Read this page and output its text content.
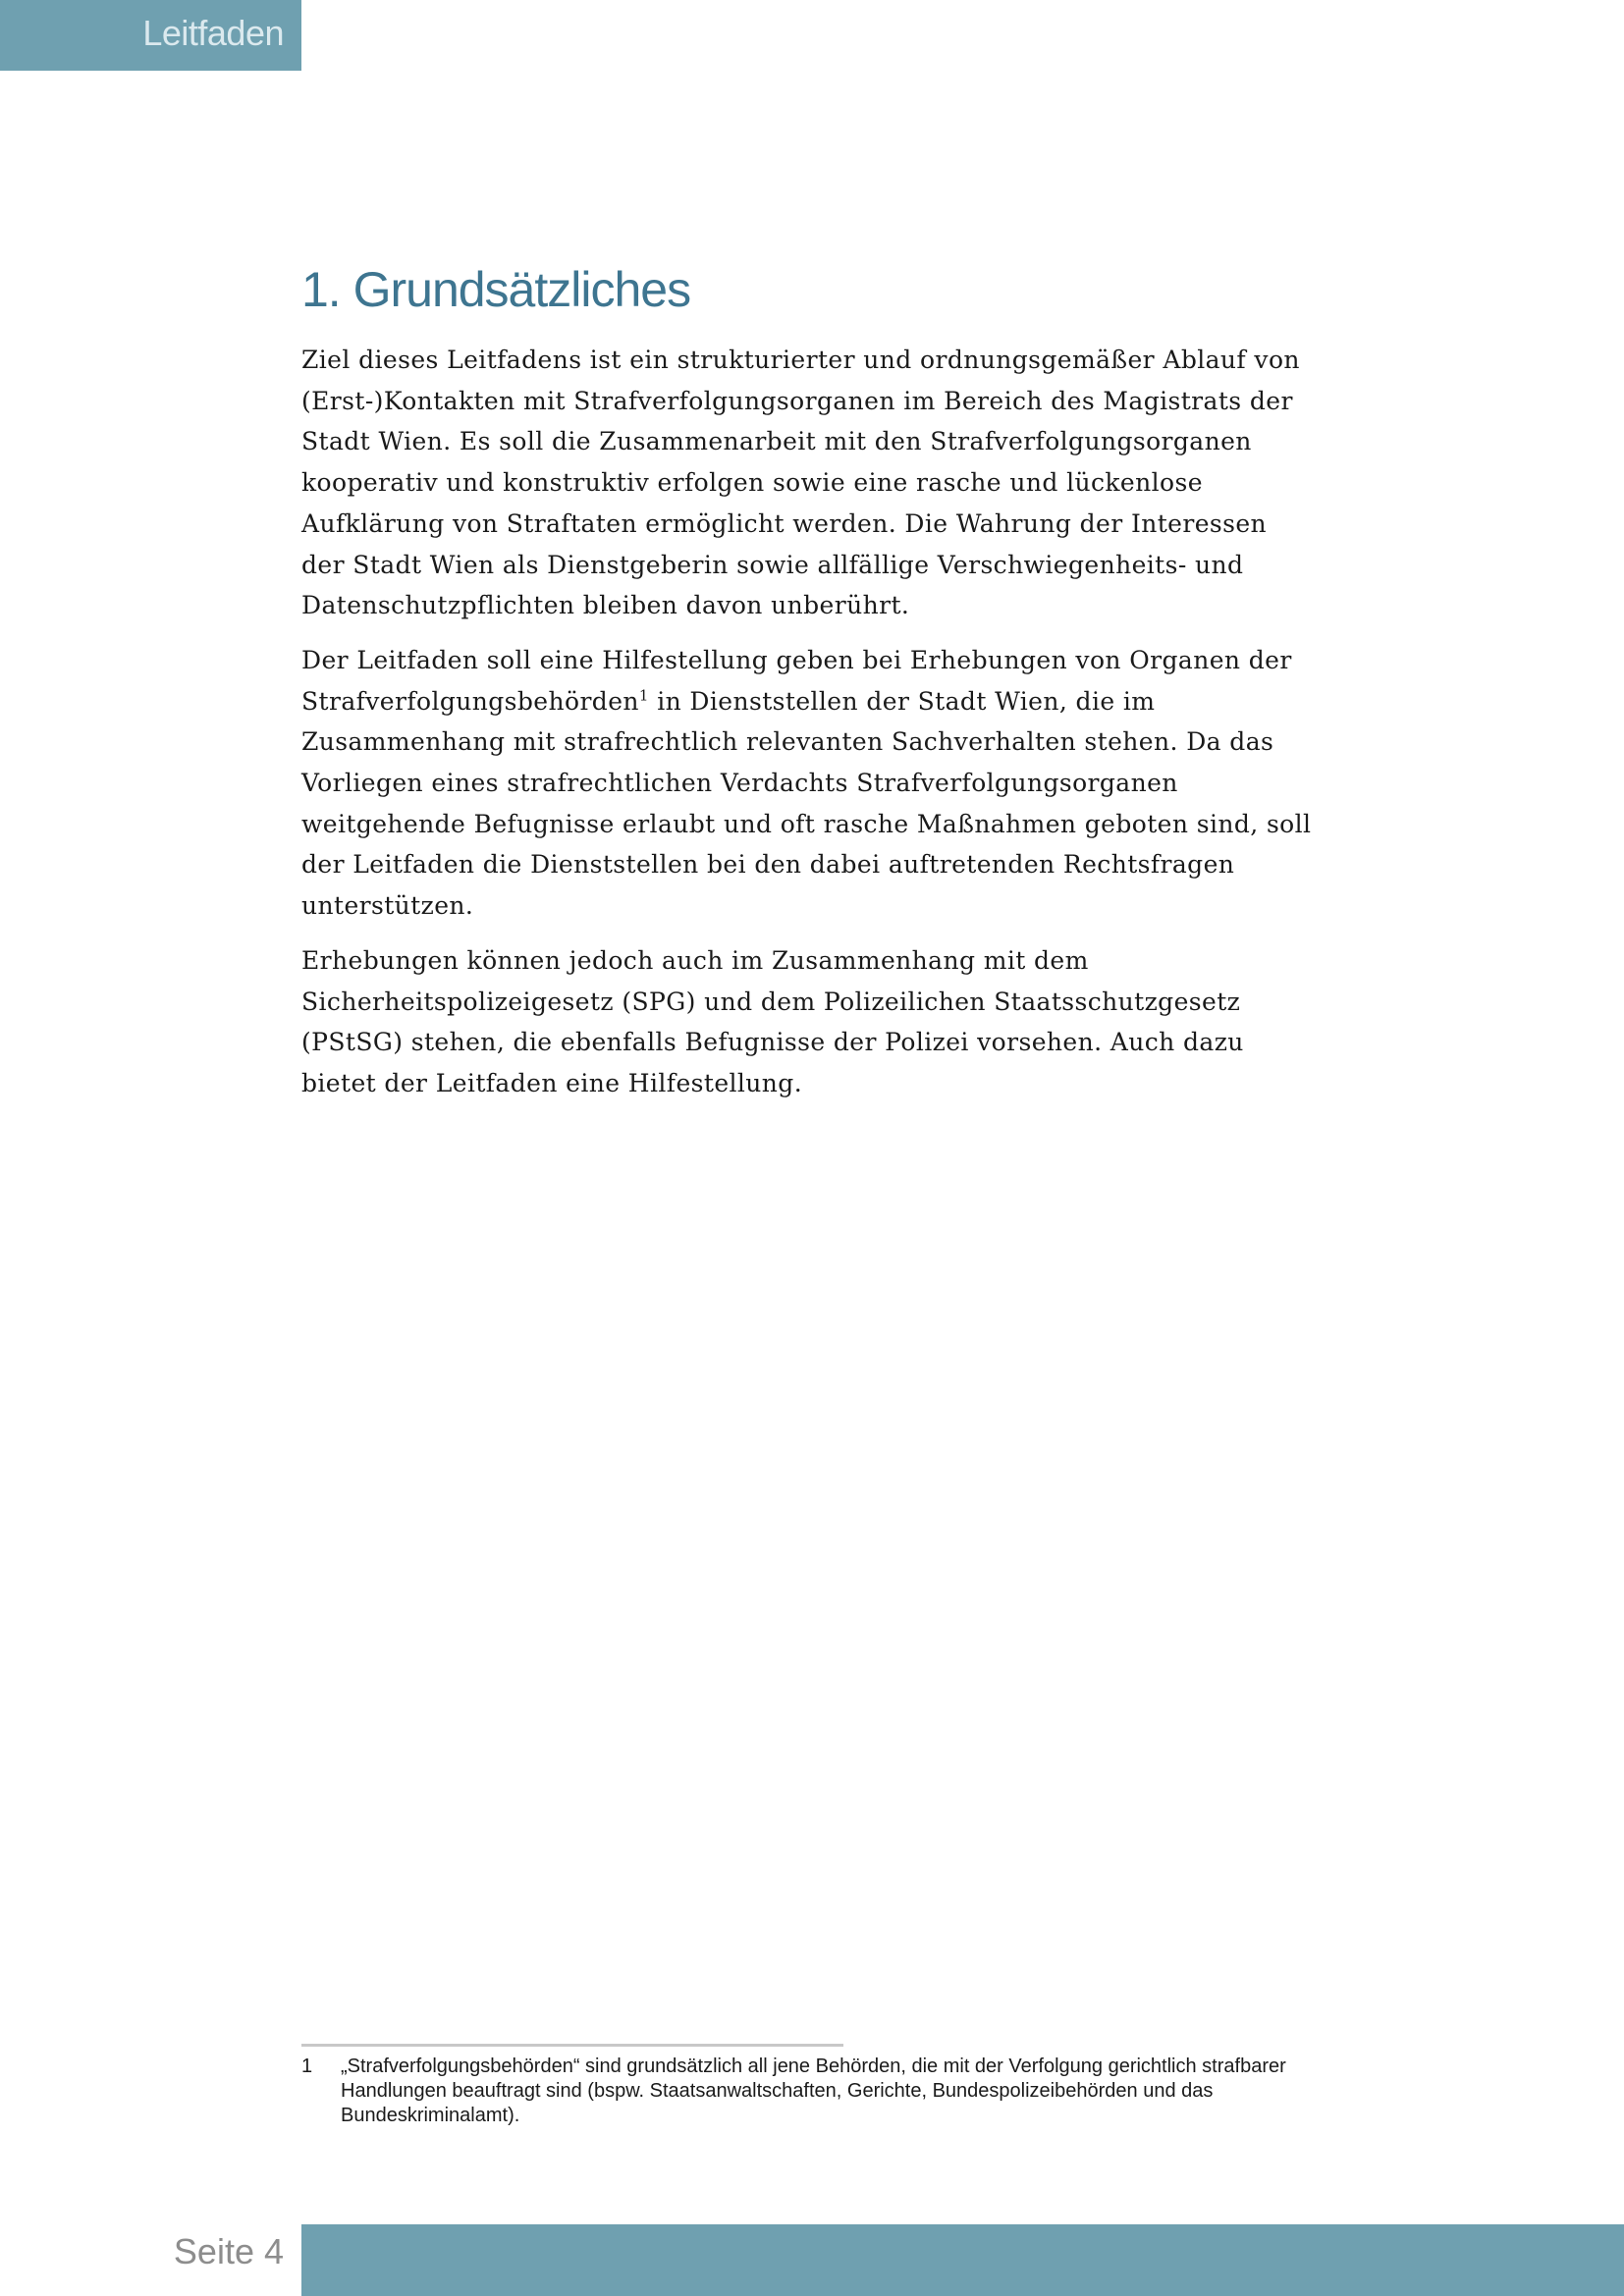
Leitfaden
1. Grundsätzliches

Ziel dieses Leitfadens ist ein strukturierter und ordnungsgemäßer Ablauf von (Erst-)Kontakten mit Strafverfolgungsorganen im Bereich des Magistrats der Stadt Wien. Es soll die Zusammenarbeit mit den Strafverfolgungsorganen kooperativ und konstruktiv erfolgen sowie eine rasche und lückenlose Aufklärung von Straftaten ermöglicht werden. Die Wahrung der Interessen der Stadt Wien als Dienstgeberin sowie allfällige Verschwiegenheits- und Datenschutzpflichten bleiben davon unberührt.

Der Leitfaden soll eine Hilfestellung geben bei Erhebungen von Organen der Strafverfolgungsbehörden$^1$ in Dienststellen der Stadt Wien, die im Zusammenhang mit strafrechtlich relevanten Sachverhalten stehen. Da das Vorliegen eines strafrechtlichen Verdachts Strafverfolgungsorganen weitgehende Befugnisse erlaubt und oft rasche Maßnahmen geboten sind, soll der Leitfaden die Dienststellen bei den dabei auftretenden Rechtsfragen unterstützen.

Erhebungen können jedoch auch im Zusammenhang mit dem Sicherheitspolizeigesetz (SPG) und dem Polizeilichen Staatsschutzgesetz (PStSG) stehen, die ebenfalls Befugnisse der Polizei vorsehen. Auch dazu bietet der Leitfaden eine Hilfestellung.

1 „Strafverfolgungsbehörden“ sind grundsätzlich all jene Behörden, die mit der Verfolgung gerichtlich strafbarer Handlungen beauftragt sind (bspw. Staatsanwaltschaften, Gerichte, Bundespolizeibehörden und das Bundeskriminalamt).
Seite 4
